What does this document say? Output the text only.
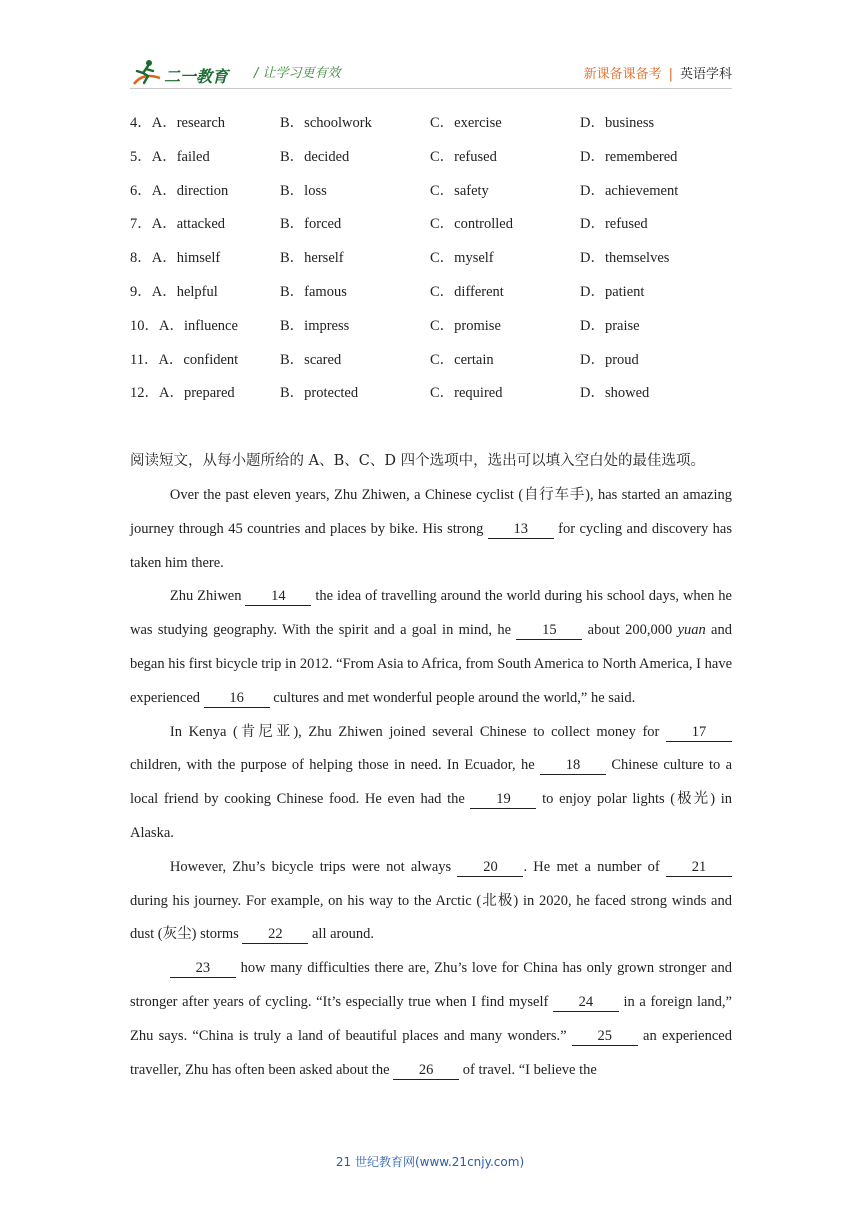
二一教育 / 让学习更有效	新课备课备考 | 英语学科
4．A．research	B．schoolwork	C．exercise	D．business
5．A．failed	B．decided	C．refused	D．remembered
6．A．direction	B．loss	C．safety	D．achievement
7．A．attacked	B．forced	C．controlled	D．refused
8．A．himself	B．herself	C．myself	D．themselves
9．A．helpful	B．famous	C．different	D．patient
10．A．influence	B．impress	C．promise	D．praise
11．A．confident	B．scared	C．certain	D．proud
12．A．prepared	B．protected	C．required	D．showed
阅读短文，从每小题所给的 A、B、C、D 四个选项中，选出可以填入空白处的最佳选项。

Over the past eleven years, Zhu Zhiwen, a Chinese cyclist (自行车手), has started an amazing journey through 45 countries and places by bike. His strong 13 for cycling and discovery has taken him there.

Zhu Zhiwen 14 the idea of travelling around the world during his school days, when he was studying geography. With the spirit and a goal in mind, he 15 about 200,000 yuan and began his first bicycle trip in 2012. “From Asia to Africa, from South America to North America, I have experienced 16 cultures and met wonderful people around the world,” he said.

In Kenya (肯尼亚), Zhu Zhiwen joined several Chinese to collect money for 17 children, with the purpose of helping those in need. In Ecuador, he 18 Chinese culture to a local friend by cooking Chinese food. He even had the 19 to enjoy polar lights (极光) in Alaska.

However, Zhu’s bicycle trips were not always 20 . He met a number of 21 during his journey. For example, on his way to the Arctic (北极) in 2020, he faced strong winds and dust (灰尘) storms 22 all around.

23 how many difficulties there are, Zhu’s love for China has only grown stronger and stronger after years of cycling. “It’s especially true when I find myself 24 in a foreign land,” Zhu says. “China is truly a land of beautiful places and many wonders.” 25 an experienced traveller, Zhu has often been asked about the 26 of travel. “I believe the

21 世纪教育网(www.21cnjy.com)
